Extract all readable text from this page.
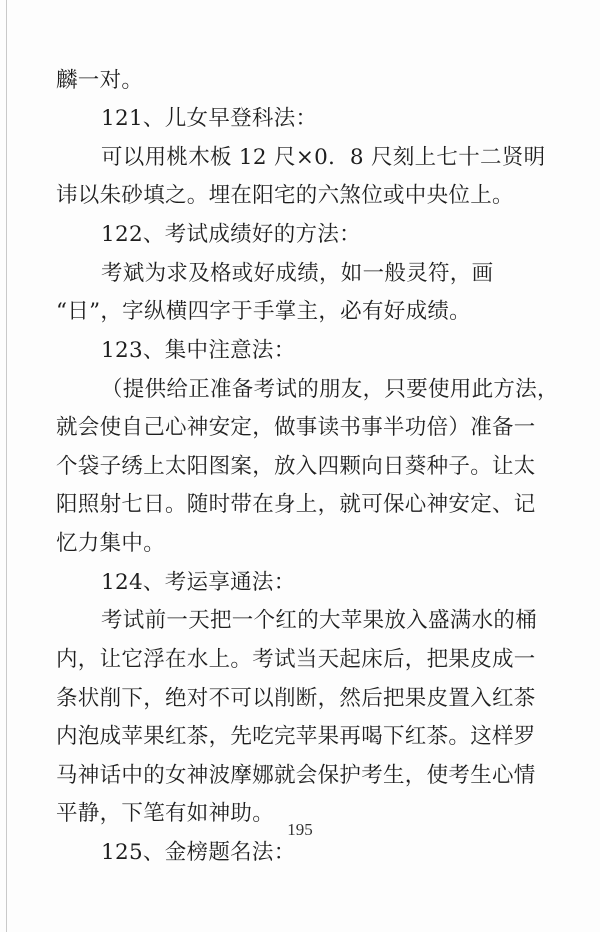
麟一对。
121、儿女早登科法：
可以用桃木板 12 尺×0．8 尺刻上七十二贤明
讳以朱砂填之。埋在阳宅的六煞位或中央位上。
122、考试成绩好的方法：
考斌为求及格或好成绩，如一般灵符，画
“日”，字纵横四字于手掌主，必有好成绩。
123、集中注意法：
（提供给正准备考试的朋友，只要使用此方法，
就会使自己心神安定，做事读书事半功倍）准备一
个袋子绣上太阳图案，放入四颗向日葵种子。让太
阳照射七日。随时带在身上，就可保心神安定、记
忆力集中。
124、考运享通法：
考试前一天把一个红的大苹果放入盛满水的桶
内，让它浮在水上。考试当天起床后，把果皮成一
条状削下，绝对不可以削断，然后把果皮置入红茶
内泡成苹果红茶，先吃完苹果再喝下红茶。这样罗
马神话中的女神波摩娜就会保护考生，使考生心情
平静，下笔有如神助。
125、金榜题名法：
195
